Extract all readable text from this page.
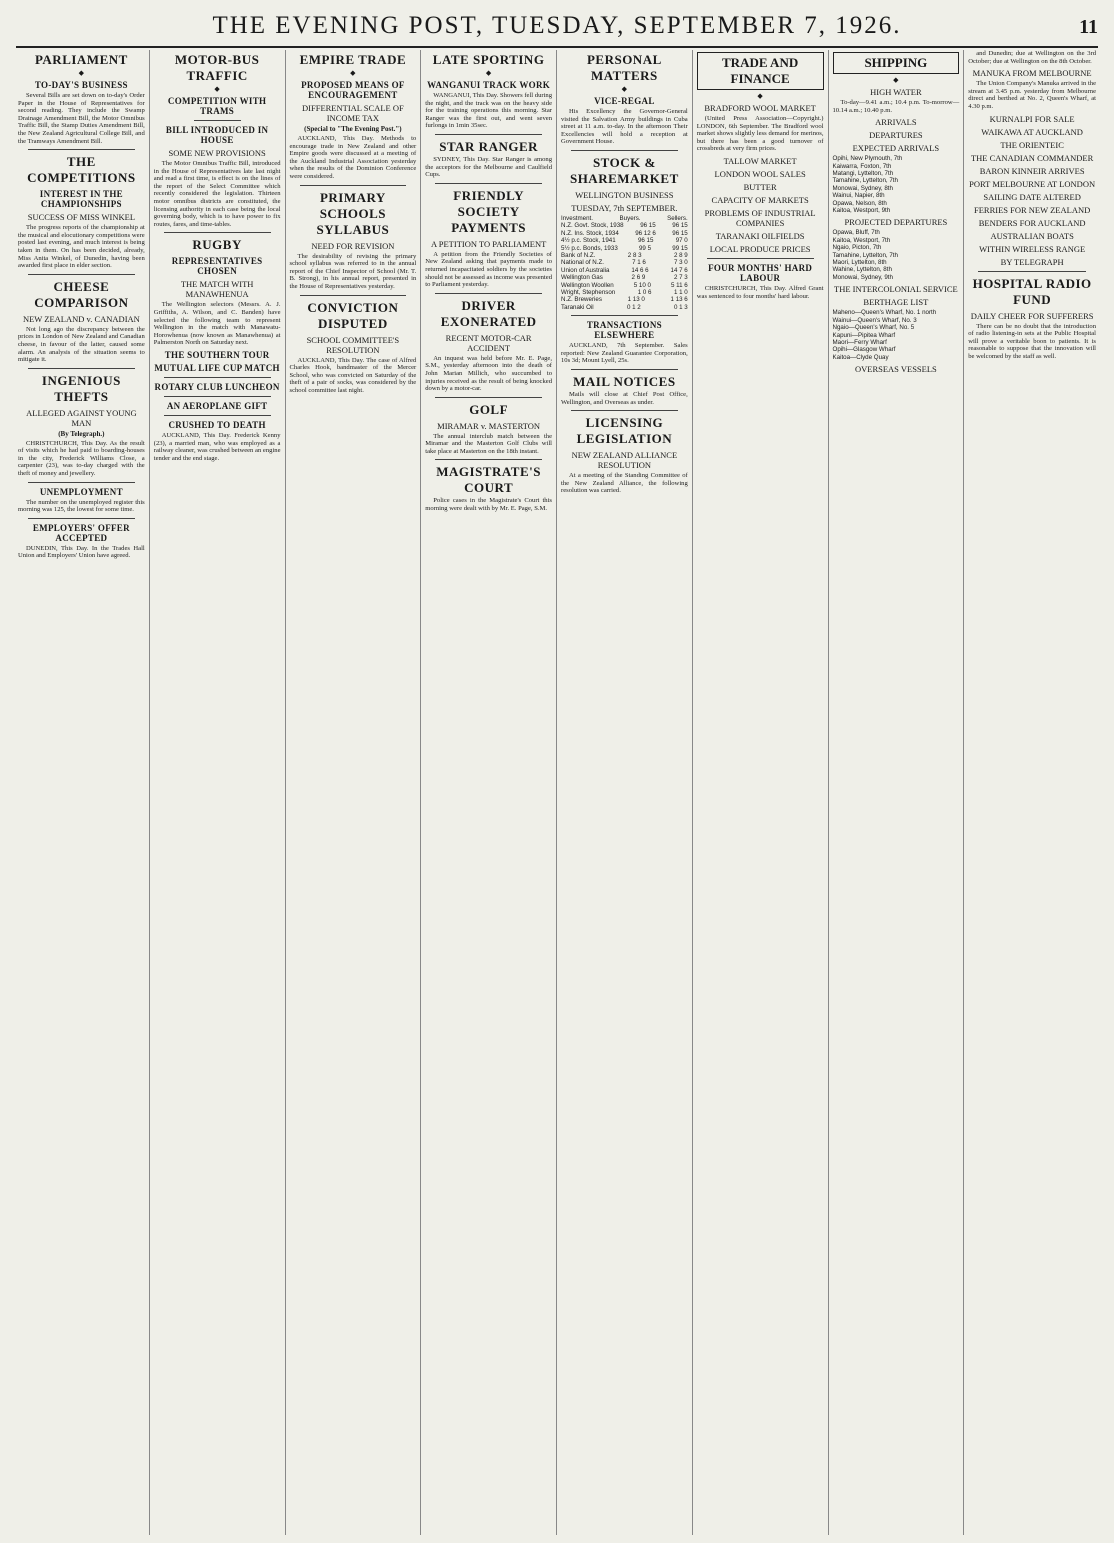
THE EVENING POST, TUESDAY, SEPTEMBER 7, 1926.	11
PARLIAMENT
◆
TO-DAY'S BUSINESS
Several Bills are set down on to-day's Order Paper in the House of Representatives for second reading. They include the Swamp Drainage Amendment Bill, the Motor Omnibus Traffic Bill, the Stamp Duties Amendment Bill, the New Zealand Agricultural College Bill, and the Tramways Amendment Bill.
THE COMPETITIONS
INTEREST IN THE CHAMPIONSHIPS
SUCCESS OF MISS WINKEL
The progress reports of the championship at the musical and elocutionary competitions were posted last evening, and much interest is being taken in them. On has been decided, already, Miss Anita Winkel, of Dunedin, having been awarded first place in elder section.
CHEESE COMPARISON
NEW ZEALAND v. CANADIAN
Not long ago the discrepancy between the prices in London of New Zealand and Canadian cheese, in favour of the latter, caused some alarm. An analysis of the situation seems to mitigate it.
INGENIOUS THEFTS
ALLEGED AGAINST YOUNG MAN
(By Telegraph.)
CHRISTCHURCH, This Day. As the result of visits which he had paid to boarding-houses in the city, Frederick Williams Close, a carpenter (23), was to-day charged with the theft of money and jewellery.
UNEMPLOYMENT
The number on the unemployed register this morning was 125, the lowest for some time.
EMPLOYERS' OFFER ACCEPTED
DUNEDIN, This Day. In the Trades Hall Union and Employers' Union have agreed.
MOTOR-BUS TRAFFIC
◆
COMPETITION WITH TRAMS
BILL INTRODUCED IN HOUSE
SOME NEW PROVISIONS
The Motor Omnibus Traffic Bill, introduced in the House of Representatives late last night and read a first time, is effect is on the lines of the report of the Select Committee which recently considered the legislation. Thirteen motor omnibus districts are constituted, the licensing authority in each case being the local governing body, which is to have power to fix routes, fares, and time-tables.
RUGBY
REPRESENTATIVES CHOSEN
THE MATCH WITH MANAWHENUA
The Wellington selectors (Messrs. A. J. Griffiths, A. Wilson, and C. Banden) have selected the following team to represent Wellington in the match with Manawatu-Horowhenua (now known as Manawhenua) at Palmerston North on Saturday next.
THE SOUTHERN TOUR
MUTUAL LIFE CUP MATCH
ROTARY CLUB LUNCHEON
AN AEROPLANE GIFT
CRUSHED TO DEATH
AUCKLAND, This Day. Frederick Kenny (23), a married man, who was employed as a railway cleaner, was crushed between an engine tender and the end stage.
EMPIRE TRADE
◆
PROPOSED MEANS OF ENCOURAGEMENT
DIFFERENTIAL SCALE OF INCOME TAX
(Special to "The Evening Post.")
AUCKLAND, This Day. Methods to encourage trade in New Zealand and other Empire goods were discussed at a meeting of the Auckland Industrial Association yesterday when the results of the Dominion Conference were considered.
PRIMARY SCHOOLS SYLLABUS
NEED FOR REVISION
The desirability of revising the primary school syllabus was referred to in the annual report of the Chief Inspector of School (Mr. T. B. Strong), in his annual report, presented in the House of Representatives yesterday.
CONVICTION DISPUTED
SCHOOL COMMITTEE'S RESOLUTION
AUCKLAND, This Day. The case of Alfred Charles Hook, bandmaster of the Mercer School, who was convicted on Saturday of the theft of a pair of socks, was considered by the school committee last night.
LATE SPORTING
◆
WANGANUI TRACK WORK
WANGANUI, This Day. Showers fell during the night, and the track was on the heavy side for the training operations this morning. Star Ranger was the first out, and went seven furlongs in 1min 35sec.
STAR RANGER
SYDNEY, This Day. Star Ranger is among the acceptors for the Melbourne and Caulfield Cups.
FRIENDLY SOCIETY PAYMENTS
A PETITION TO PARLIAMENT
A petition from the Friendly Societies of New Zealand asking that payments made to returned incapacitated soldiers by the societies should not be assessed as income was presented to Parliament yesterday.
DRIVER EXONERATED
RECENT MOTOR-CAR ACCIDENT
An inquest was held before Mr. E. Page, S.M., yesterday afternoon into the death of John Marian Millich, who succumbed to injuries received as the result of being knocked down by a motor-car.
GOLF
MIRAMAR v. MASTERTON
The annual interclub match between the Miramar and the Masterton Golf Clubs will take place at Masterton on the 18th instant.
MAGISTRATE'S COURT
Police cases in the Magistrate's Court this morning were dealt with by Mr. E. Page, S.M.
PERSONAL MATTERS
◆
VICE-REGAL
His Excellency the Governor-General visited the Salvation Army buildings in Cuba street at 11 a.m. to-day. In the afternoon Their Excellencies will hold a reception at Government House.
STOCK & SHAREMARKET
WELLINGTON BUSINESS
TUESDAY, 7th SEPTEMBER.
Investment.	Buyers.	Sellers.
N.Z. Govt. Stock, 1938	96 15	96 15
N.Z. Ins. Stock, 1934	96 12 6	96 15
4½ p.c. Stock, 1941	96 15	97 0
5½ p.c. Bonds, 1933	99 5	99 15
Bank of N.Z.	2 8 3	2 8 9
National of N.Z.	7 1 6	7 3 0
Union of Australia	14 6 6	14 7 6
Wellington Gas	2 6 9	2 7 3
Wellington Woollen	5 10 0	5 11 6
Wright, Stephenson	1 0 6	1 1 0
N.Z. Breweries	1 13 0	1 13 6
Taranaki Oil	0 1 2	0 1 3
TRANSACTIONS ELSEWHERE
AUCKLAND, 7th September. Sales reported: New Zealand Guarantee Corporation, 10s 3d; Mount Lyell, 25s.
MAIL NOTICES
Mails will close at Chief Post Office, Wellington, and Overseas as under.
LICENSING LEGISLATION
NEW ZEALAND ALLIANCE RESOLUTION
At a meeting of the Standing Committee of the New Zealand Alliance, the following resolution was carried.
TRADE AND FINANCE
◆
BRADFORD WOOL MARKET
(United Press Association—Copyright.) LONDON, 6th September. The Bradford wool market shows slightly less demand for merinos, but there has been a good turnover of crossbreds at very firm prices.
TALLOW MARKET
LONDON WOOL SALES
BUTTER
CAPACITY OF MARKETS
PROBLEMS OF INDUSTRIAL COMPANIES
TARANAKI OILFIELDS
LOCAL PRODUCE PRICES
FOUR MONTHS' HARD LABOUR
CHRISTCHURCH, This Day. Alfred Grant was sentenced to four months' hard labour.
SHIPPING
◆
HIGH WATER
To-day—9.41 a.m.; 10.4 p.m. To-morrow—10.14 a.m.; 10.40 p.m.
ARRIVALS
DEPARTURES
EXPECTED ARRIVALS
Opihi, New Plymouth, 7th
Kaiwarra, Foxton, 7th
Matangi, Lyttelton, 7th
Tamahine, Lyttelton, 7th
Monowai, Sydney, 8th
Wainui, Napier, 8th
Opawa, Nelson, 8th
Kaitoa, Westport, 9th
PROJECTED DEPARTURES
Opawa, Bluff, 7th
Kaitoa, Westport, 7th
Ngaio, Picton, 7th
Tamahine, Lyttelton, 7th
Maori, Lyttelton, 8th
Wahine, Lyttelton, 8th
Monowai, Sydney, 9th
THE INTERCOLONIAL SERVICE
BERTHAGE LIST
Maheno—Queen's Wharf, No. 1 north
Wainui—Queen's Wharf, No. 3
Ngaio—Queen's Wharf, No. 5
Kapuni—Pipitea Wharf
Maori—Ferry Wharf
Opihi—Glasgow Wharf
Kaitoa—Clyde Quay
OVERSEAS VESSELS
and Dunedin; due at Wellington on the 3rd October; due at Wellington on the 8th October.
MANUKA FROM MELBOURNE
The Union Company's Manuka arrived in the stream at 3.45 p.m. yesterday from Melbourne direct and berthed at No. 2, Queen's Wharf, at 4.30 p.m.
KURNALPI FOR SALE
WAIKAWA AT AUCKLAND
THE ORIENTEIC
THE CANADIAN COMMANDER
BARON KINNEIR ARRIVES
PORT MELBOURNE AT LONDON
SAILING DATE ALTERED
FERRIES FOR NEW ZEALAND
BENDERS FOR AUCKLAND
AUSTRALIAN BOATS
WITHIN WIRELESS RANGE
BY TELEGRAPH
HOSPITAL RADIO FUND
DAILY CHEER FOR SUFFERERS
There can be no doubt that the introduction of radio listening-in sets at the Public Hospital will prove a veritable boon to patients. It is reasonable to suppose that the innovation will be welcomed by the staff as well.
